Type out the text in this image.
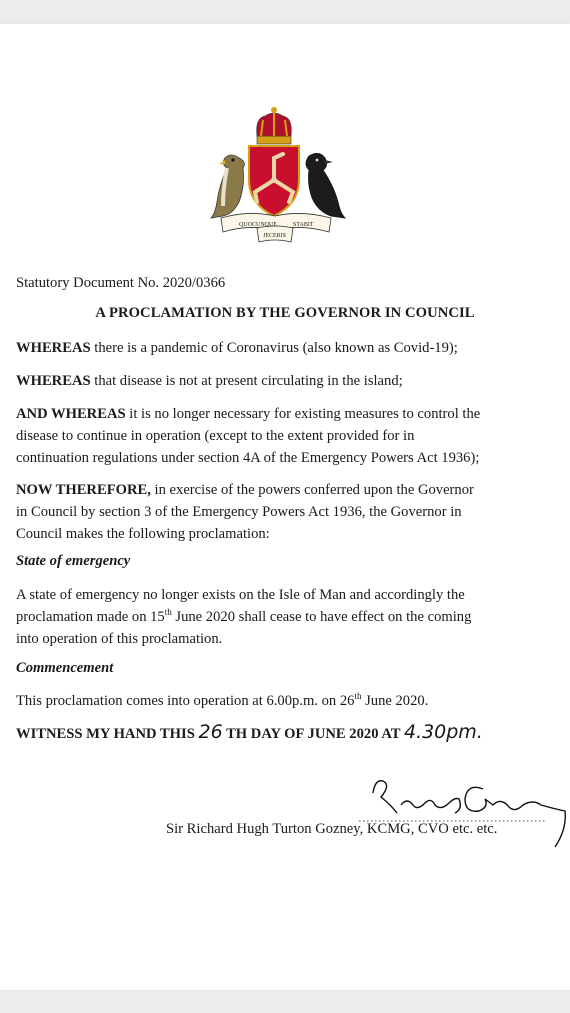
QUOCUNQUE	STABIT
JECERIS
Statutory Document No. 2020/0366
A PROCLAMATION BY THE GOVERNOR IN COUNCIL
WHEREAS there is a pandemic of Coronavirus (also known as Covid-19);
WHEREAS that disease is not at present circulating in the island;
AND WHEREAS it is no longer necessary for existing measures to control the
disease to continue in operation (except to the extent provided for in
continuation regulations under section 4A of the Emergency Powers Act 1936);
NOW THEREFORE, in exercise of the powers conferred upon the Governor
in Council by section 3 of the Emergency Powers Act 1936, the Governor in
Council makes the following proclamation:
State of emergency
A state of emergency no longer exists on the Isle of Man and accordingly the
proclamation made on 15th June 2020 shall cease to have effect on the coming
into operation of this proclamation.
Commencement
This proclamation comes into operation at 6.00p.m. on 26th June 2020.
WITNESS MY HAND THIS 26 TH DAY OF JUNE 2020 AT 4.30pm.
Sir Richard Hugh Turton Gozney, KCMG, CVO etc. etc.
